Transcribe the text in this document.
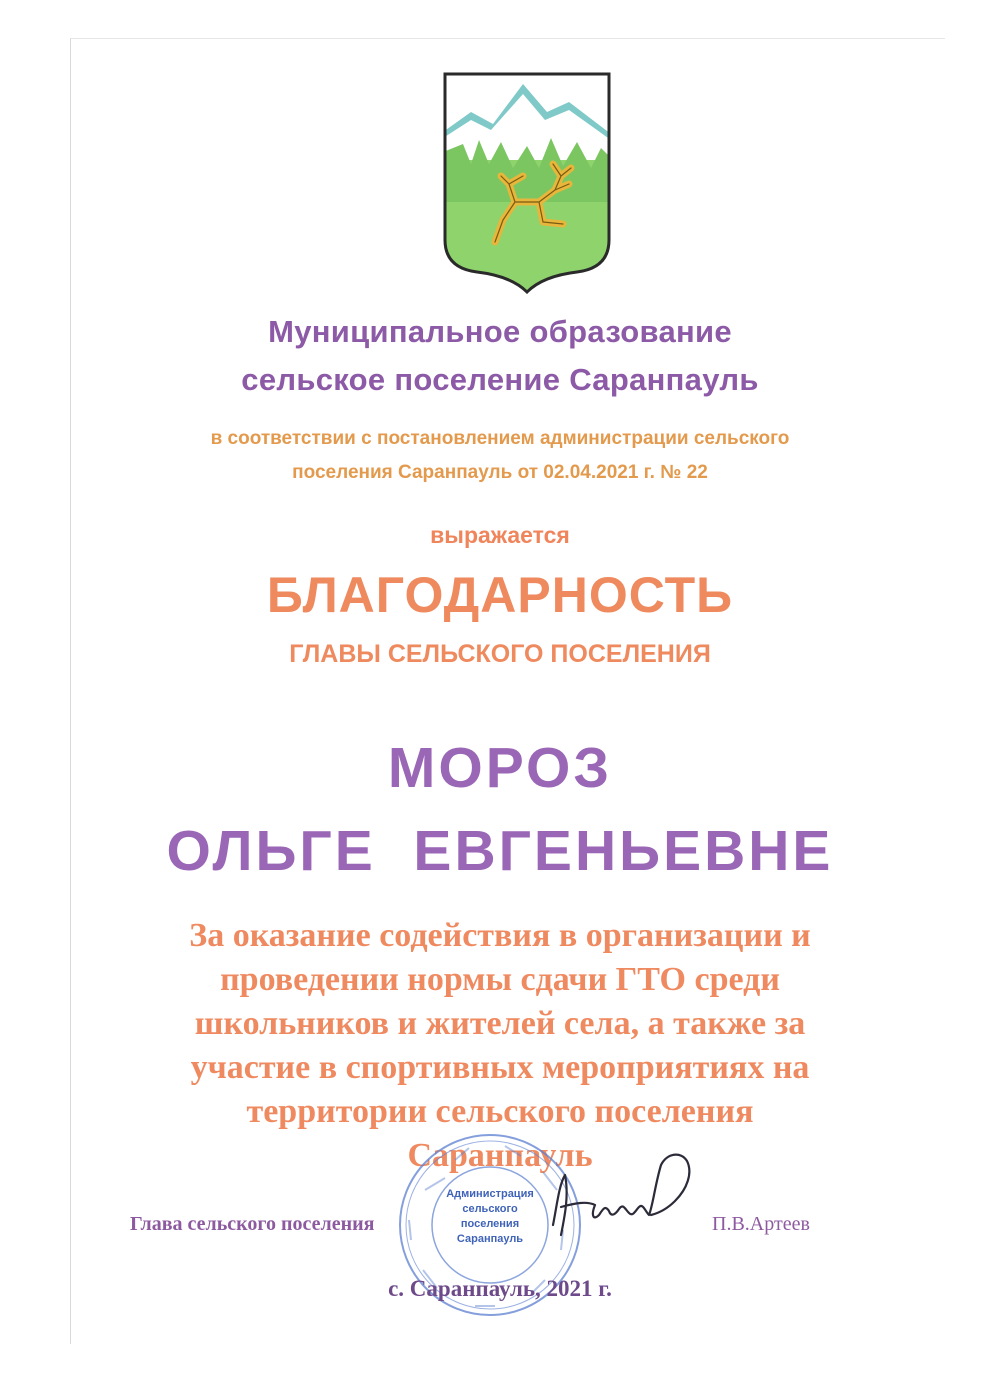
Муниципальное образование
сельское поселение Саранпауль
в соответствии с постановлением администрации сельского
поселения Саранпауль от 02.04.2021 г. № 22
выражается
БЛАГОДАРНОСТЬ
ГЛАВЫ СЕЛЬСКОГО ПОСЕЛЕНИЯ
МОРОЗ
ОЛЬГЕ  ЕВГЕНЬЕВНЕ
За оказание содействия в организации и
проведении нормы сдачи ГТО среди
школьников и жителей села, а также за
участие в спортивных мероприятиях на
территории сельского поселения
Саранпауль
Администрация
сельского
поселения
Саранпауль
Глава сельского поселения	П.В.Артеев
с. Саранпауль, 2021 г.
